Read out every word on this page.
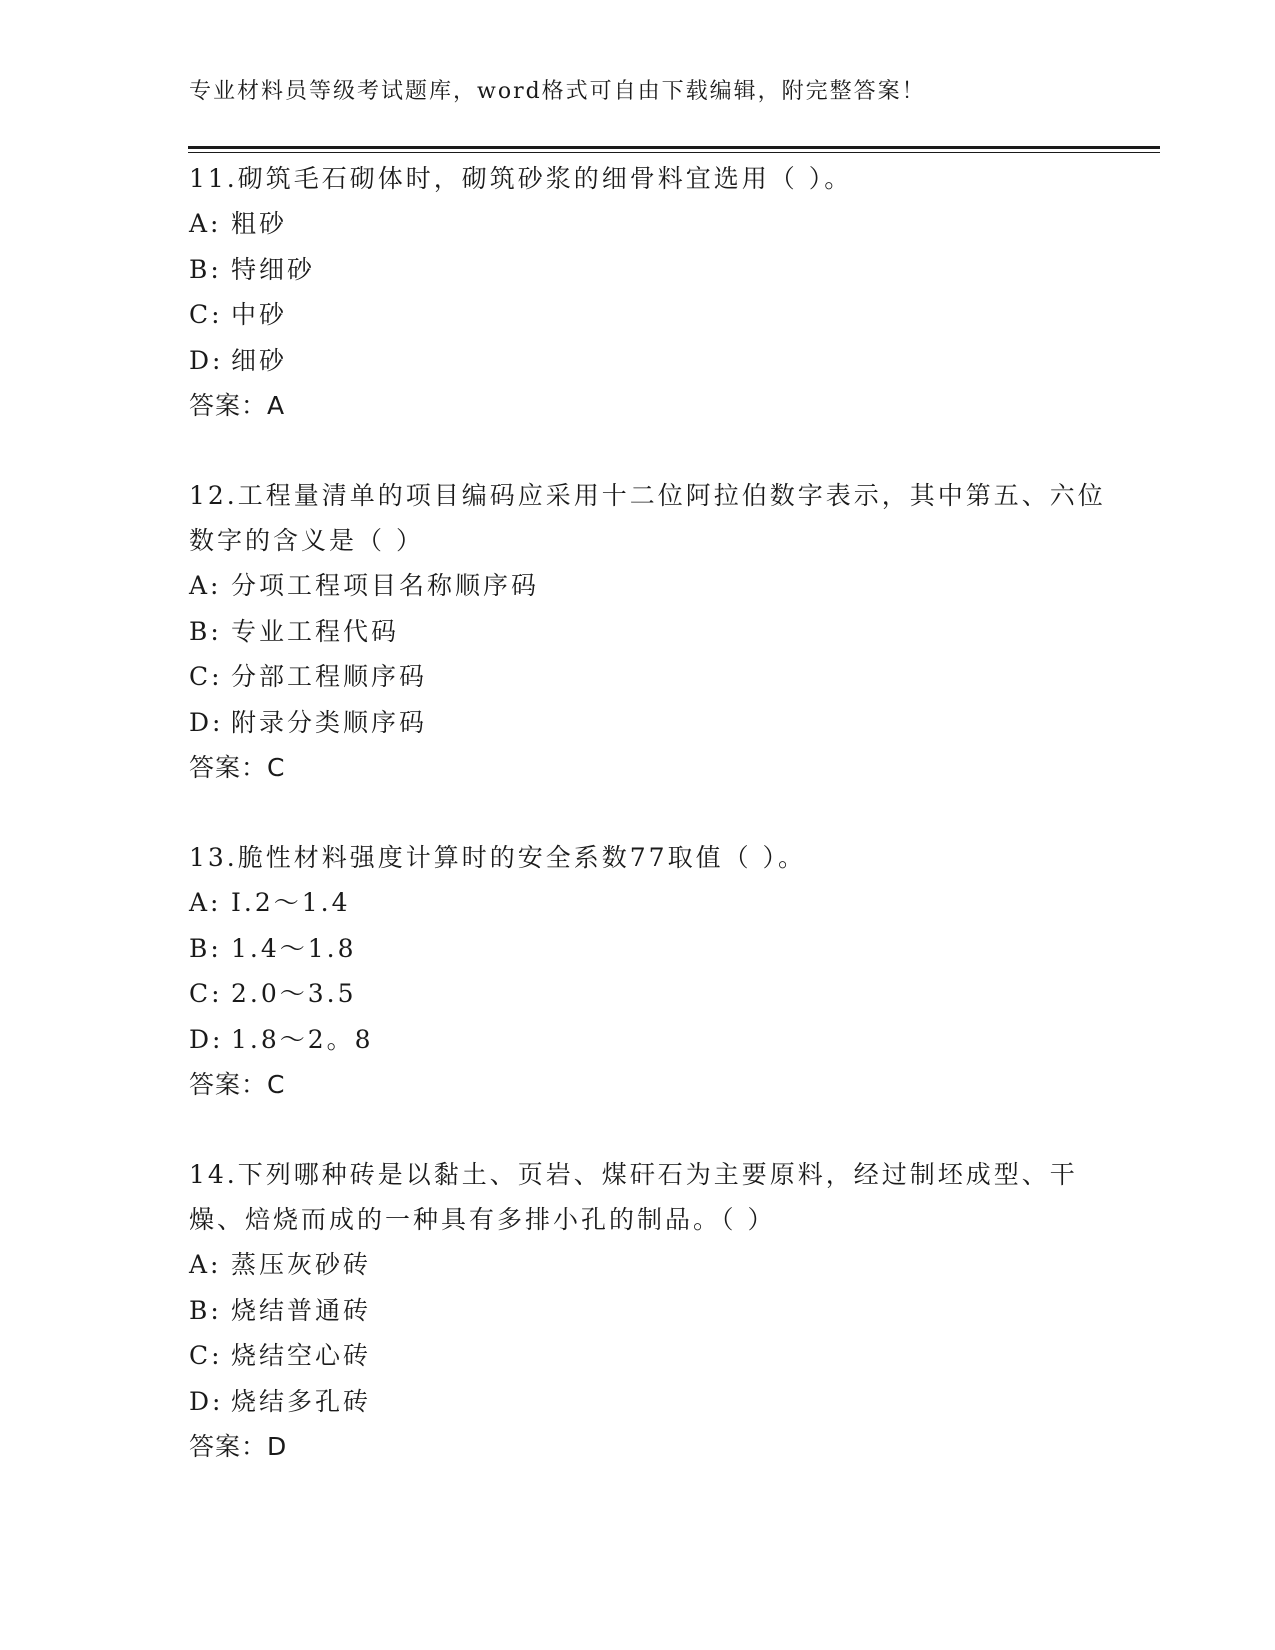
专业材料员等级考试题库，word格式可自由下载编辑，附完整答案！
11.砌筑毛石砌体时，砌筑砂浆的细骨料宜选用（ ）。
A: 粗砂
B: 特细砂
C: 中砂
D: 细砂
答案：A
12.工程量清单的项目编码应采用十二位阿拉伯数字表示，其中第五、六位数字的含义是（ ）
A: 分项工程项目名称顺序码
B: 专业工程代码
C: 分部工程顺序码
D: 附录分类顺序码
答案：C
13.脆性材料强度计算时的安全系数77取值（ ）。
A: I.2～1.4
B: 1.4～1.8
C: 2.0～3.5
D: 1.8～2。8
答案：C
14.下列哪种砖是以黏土、页岩、煤矸石为主要原料，经过制坯成型、干燥、焙烧而成的一种具有多排小孔的制品。（ ）
A: 蒸压灰砂砖
B: 烧结普通砖
C: 烧结空心砖
D: 烧结多孔砖
答案：D
